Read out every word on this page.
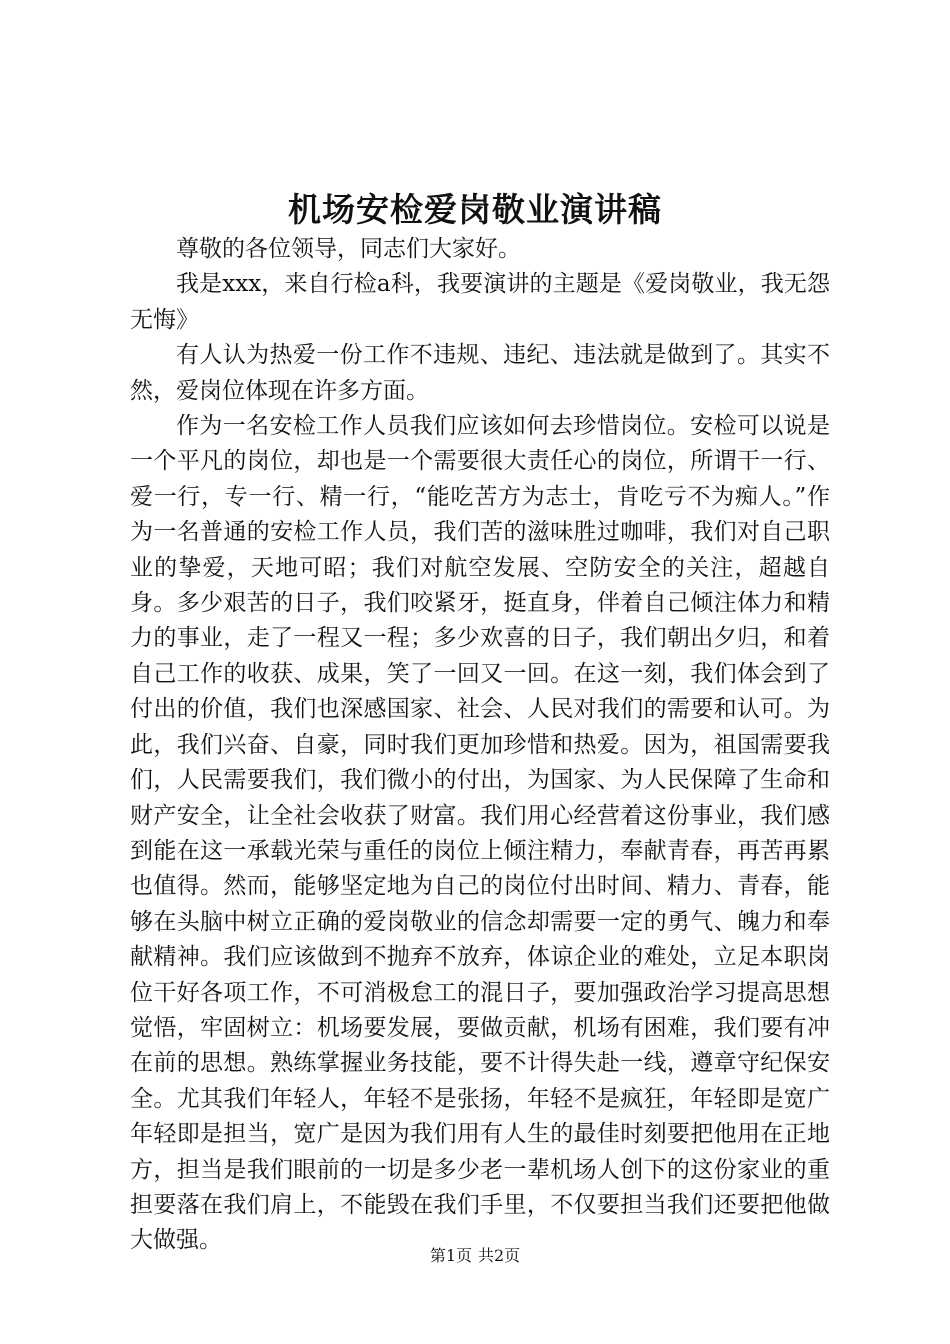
机场安检爱岗敬业演讲稿

尊敬的各位领导，同志们大家好。

我是xxx，来自行检a科，我要演讲的主题是《爱岗敬业，我无怨无悔》

有人认为热爱一份工作不违规、违纪、违法就是做到了。其实不然，爱岗位体现在许多方面。

作为一名安检工作人员我们应该如何去珍惜岗位。安检可以说是一个平凡的岗位，却也是一个需要很大责任心的岗位，所谓干一行、爱一行，专一行、精一行，“能吃苦方为志士，肯吃亏不为痴人。”作为一名普通的安检工作人员，我们苦的滋味胜过咖啡，我们对自己职业的挚爱，天地可昭；我们对航空发展、空防安全的关注，超越自身。多少艰苦的日子，我们咬紧牙，挺直身，伴着自己倾注体力和精力的事业，走了一程又一程；多少欢喜的日子，我们朝出夕归，和着自己工作的收获、成果，笑了一回又一回。在这一刻，我们体会到了付出的价值，我们也深感国家、社会、人民对我们的需要和认可。为此，我们兴奋、自豪，同时我们更加珍惜和热爱。因为，祖国需要我们，人民需要我们，我们微小的付出，为国家、为人民保障了生命和财产安全，让全社会收获了财富。我们用心经营着这份事业，我们感到能在这一承载光荣与重任的岗位上倾注精力，奉献青春，再苦再累也值得。然而，能够坚定地为自己的岗位付出时间、精力、青春，能够在头脑中树立正确的爱岗敬业的信念却需要一定的勇气、魄力和奉献精神。我们应该做到不抛弃不放弃，体谅企业的难处，立足本职岗位干好各项工作，不可消极怠工的混日子，要加强政治学习提高思想觉悟，牢固树立：机场要发展，要做贡献，机场有困难，我们要有冲在前的思想。熟练掌握业务技能，要不计得失赴一线，遵章守纪保安全。尤其我们年轻人，年轻不是张扬，年轻不是疯狂，年轻即是宽广年轻即是担当，宽广是因为我们用有人生的最佳时刻要把他用在正地方，担当是我们眼前的一切是多少老一辈机场人创下的这份家业的重担要落在我们肩上，不能毁在我们手里，不仅要担当我们还要把他做大做强。

第1页 共2页
